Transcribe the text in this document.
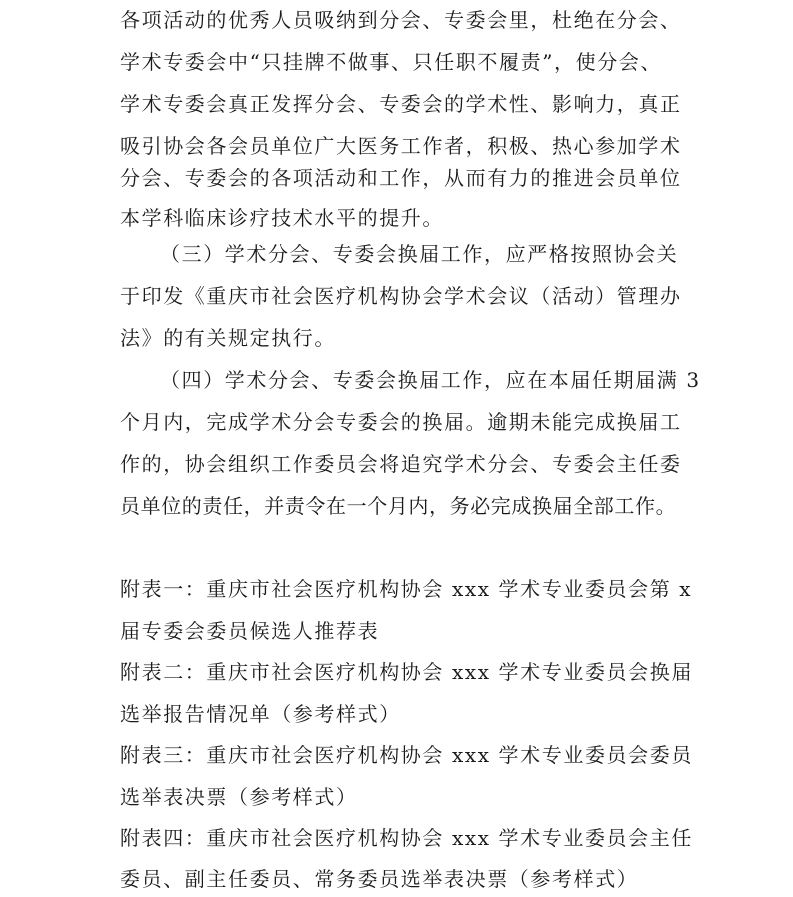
各项活动的优秀人员吸纳到分会、专委会里，杜绝在分会、
学术专委会中“只挂牌不做事、只任职不履责”，使分会、
学术专委会真正发挥分会、专委会的学术性、影响力，真正
吸引协会各会员单位广大医务工作者，积极、热心参加学术
分会、专委会的各项活动和工作，从而有力的推进会员单位
本学科临床诊疗技术水平的提升。
（三）学术分会、专委会换届工作，应严格按照协会关
于印发《重庆市社会医疗机构协会学术会议（活动）管理办
法》的有关规定执行。
（四）学术分会、专委会换届工作，应在本届任期届满 3
个月内，完成学术分会专委会的换届。逾期未能完成换届工
作的，协会组织工作委员会将追究学术分会、专委会主任委
员单位的责任，并责令在一个月内，务必完成换届全部工作。
附表一：重庆市社会医疗机构协会 xxx 学术专业委员会第 x
届专委会委员候选人推荐表
附表二：重庆市社会医疗机构协会 xxx 学术专业委员会换届
选举报告情况单（参考样式）
附表三：重庆市社会医疗机构协会 xxx 学术专业委员会委员
选举表决票（参考样式）
附表四：重庆市社会医疗机构协会 xxx 学术专业委员会主任
委员、副主任委员、常务委员选举表决票（参考样式）
